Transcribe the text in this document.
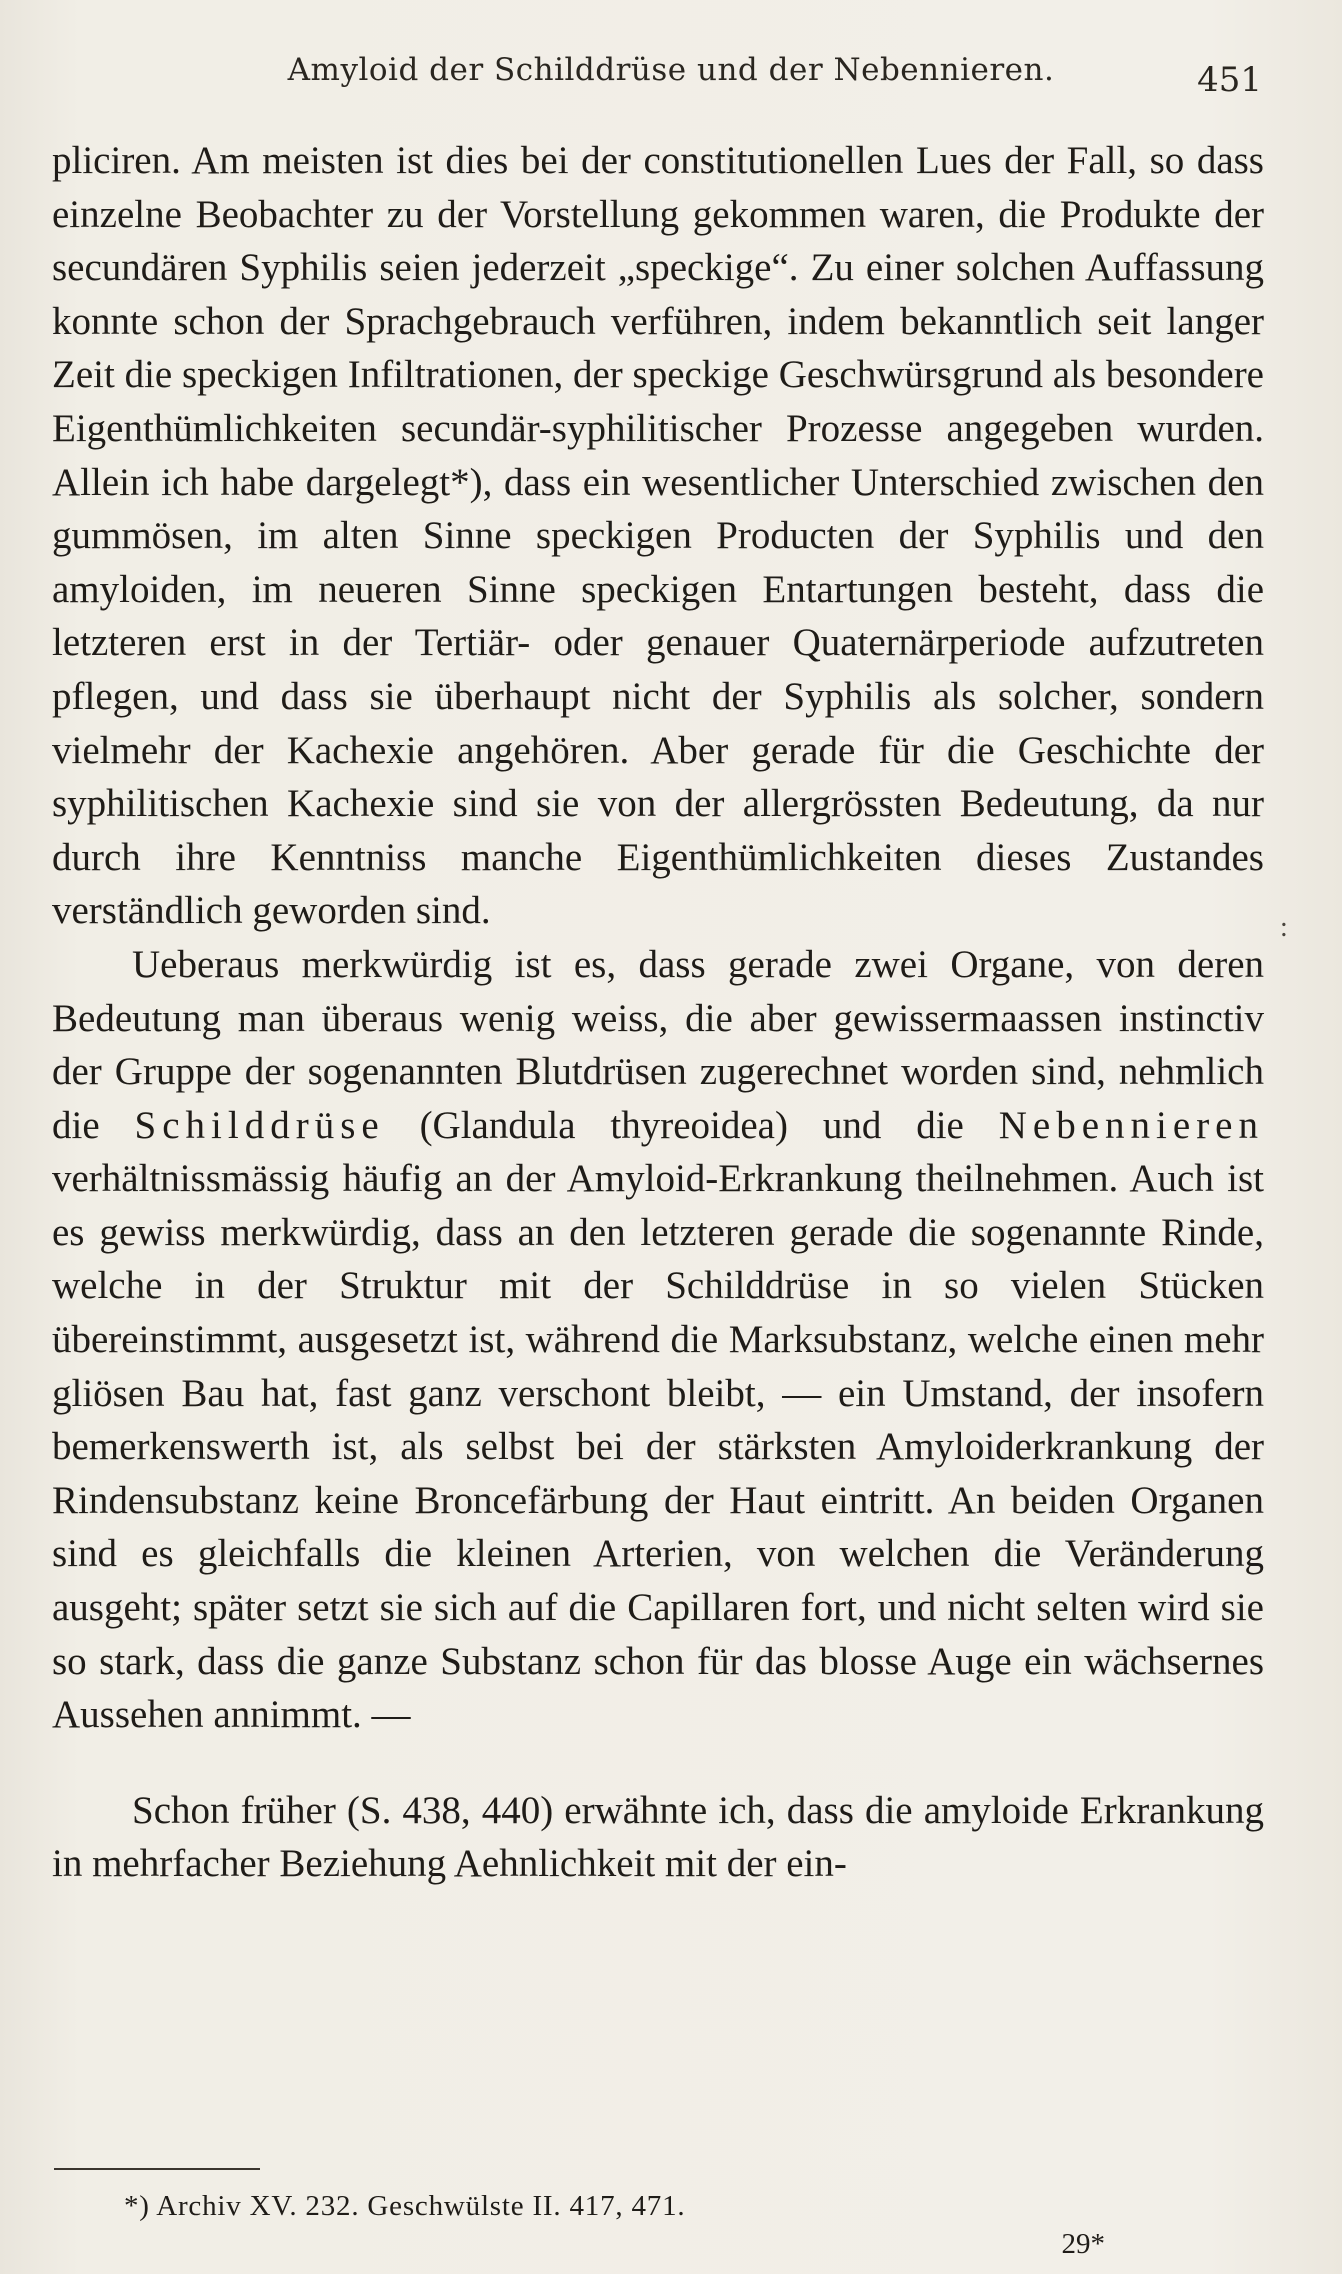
Amyloid der Schilddrüse und der Nebennieren.	451

pliciren. Am meisten ist dies bei der constitutionellen Lues der Fall, so dass einzelne Beobachter zu der Vorstellung gekommen waren, die Produkte der secundären Syphilis seien jederzeit „speckige“. Zu einer solchen Auffassung konnte schon der Sprachgebrauch verführen, indem bekanntlich seit langer Zeit die speckigen Infiltrationen, der speckige Geschwürsgrund als besondere Eigenthümlichkeiten secundär-syphilitischer Prozesse angegeben wurden. Allein ich habe dargelegt*), dass ein wesentlicher Unterschied zwischen den gummösen, im alten Sinne speckigen Producten der Syphilis und den amyloiden, im neueren Sinne speckigen Entartungen besteht, dass die letzteren erst in der Tertiär- oder genauer Quaternärperiode aufzutreten pflegen, und dass sie überhaupt nicht der Syphilis als solcher, sondern vielmehr der Kachexie angehören. Aber gerade für die Geschichte der syphilitischen Kachexie sind sie von der allergrössten Bedeutung, da nur durch ihre Kenntniss manche Eigenthümlichkeiten dieses Zustandes verständlich geworden sind.

Ueberaus merkwürdig ist es, dass gerade zwei Organe, von deren Bedeutung man überaus wenig weiss, die aber gewissermaassen instinctiv der Gruppe der sogenannten Blutdrüsen zugerechnet worden sind, nehmlich die Schilddrüse (Glandula thyreoidea) und die Nebennieren verhältnissmässig häufig an der Amyloid-Erkrankung theilnehmen. Auch ist es gewiss merkwürdig, dass an den letzteren gerade die sogenannte Rinde, welche in der Struktur mit der Schilddrüse in so vielen Stücken übereinstimmt, ausgesetzt ist, während die Marksubstanz, welche einen mehr gliösen Bau hat, fast ganz verschont bleibt, — ein Umstand, der insofern bemerkenswerth ist, als selbst bei der stärksten Amyloiderkrankung der Rindensubstanz keine Broncefärbung der Haut eintritt. An beiden Organen sind es gleichfalls die kleinen Arterien, von welchen die Veränderung ausgeht; später setzt sie sich auf die Capillaren fort, und nicht selten wird sie so stark, dass die ganze Substanz schon für das blosse Auge ein wächsernes Aussehen annimmt. —

Schon früher (S. 438, 440) erwähnte ich, dass die amyloide Erkrankung in mehrfacher Beziehung Aehnlichkeit mit der ein-

:
*) Archiv XV. 232. Geschwülste II. 417, 471.
29*
